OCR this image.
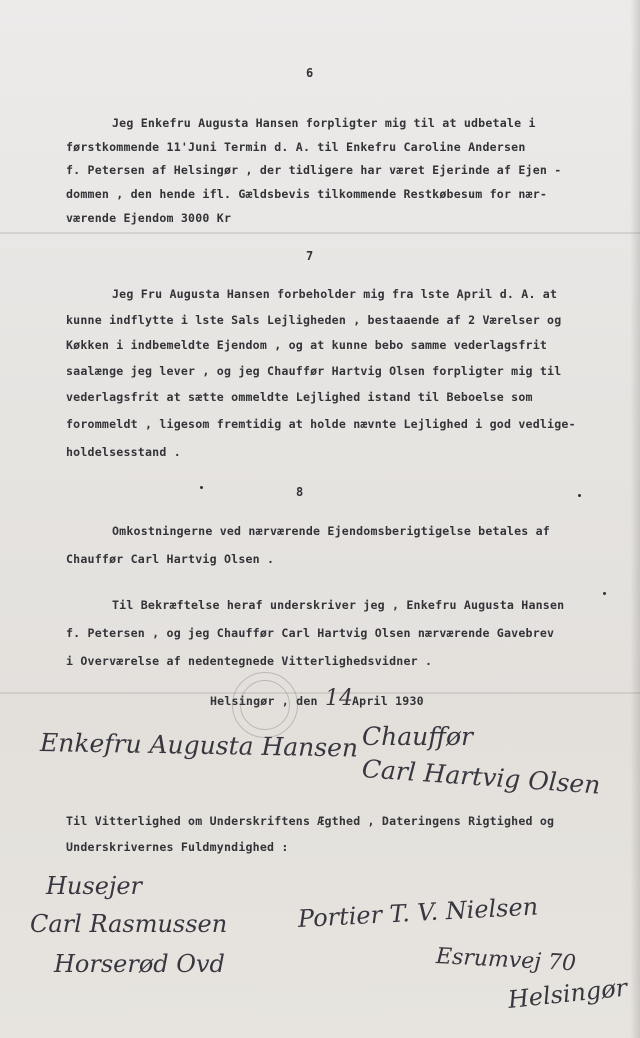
6
Jeg Enkefru Augusta Hansen forpligter mig til at udbetale i
førstkommende 11'Juni Termin d. A. til Enkefru Caroline Andersen
f. Petersen af Helsingør , der tidligere har været Ejerinde af Ejen -
dommen , den hende ifl. Gældsbevis tilkommende Restkøbesum for nær-
værende Ejendom 3000 Kr
7
Jeg Fru Augusta Hansen forbeholder mig fra lste April d. A. at
kunne indflytte i lste Sals Lejligheden , bestaaende af 2 Værelser og
Køkken i indbemeldte Ejendom , og at kunne bebo samme vederlagsfrit
saalænge jeg lever , og jeg Chauffør Hartvig Olsen forpligter mig til
vederlagsfrit at sætte ommeldte Lejlighed istand til Beboelse som
forommeldt , ligesom fremtidig at holde nævnte Lejlighed i god vedlige-
holdelsesstand .
8
Omkostningerne ved nærværende Ejendomsberigtigelse betales af
Chauffør Carl Hartvig Olsen .
Til Bekræftelse heraf underskriver jeg , Enkefru Augusta Hansen
f. Petersen , og jeg Chauffør Carl Hartvig Olsen nærværende Gavebrev
i Overværelse af nedentegnede Vitterlighedsvidner .
Helsingør , den 14 April 1930
Enkefru Augusta Hansen Chauffør
Carl Hartvig Olsen
Til Vitterlighed om Underskriftens Ægthed , Dateringens Rigtighed og
Underskrivernes Fuldmyndighed :
Husejer
Carl Rasmussen
Horserød Ovd
Portier T. V. Nielsen
Esrumvej 70
Helsingør
